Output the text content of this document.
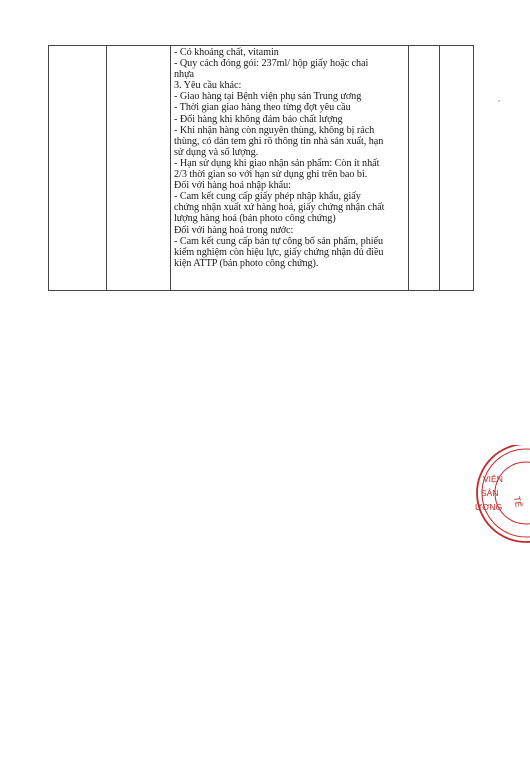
- Có khoáng chất, vitamin
- Quy cách đóng gói: 237ml/ hộp giấy hoặc chai
nhựa
3. Yêu cầu khác:
- Giao hàng tại Bệnh viện phụ sản Trung ương
- Thời gian giao hàng theo từng đợt yêu cầu
- Đổi hàng khi không đảm bảo chất lượng
- Khi nhận hàng còn nguyên thùng, không bị rách
thùng, có dán tem ghi rõ thông tin nhà sản xuất, hạn
sử dụng và số lượng.
- Hạn sử dụng khi giao nhận sản phẩm: Còn ít nhất
2/3 thời gian so với hạn sử dụng ghi trên bao bì.
Đối với hàng hoá nhập khẩu:
- Cam kết cung cấp giấy phép nhập khẩu, giấy
chứng nhận xuất xứ hàng hoá, giấy chứng nhận chất
lượng hàng hoá (bản photo công chứng)
Đối với hàng hoá trong nước:
- Cam kết cung cấp bản tự công bố sản phẩm, phiếu
kiểm nghiệm còn hiệu lực, giấy chứng nhận đủ điều
kiện ATTP (bản photo công chứng).

VIỆN
SẢN
ƯƠNG TẾ
